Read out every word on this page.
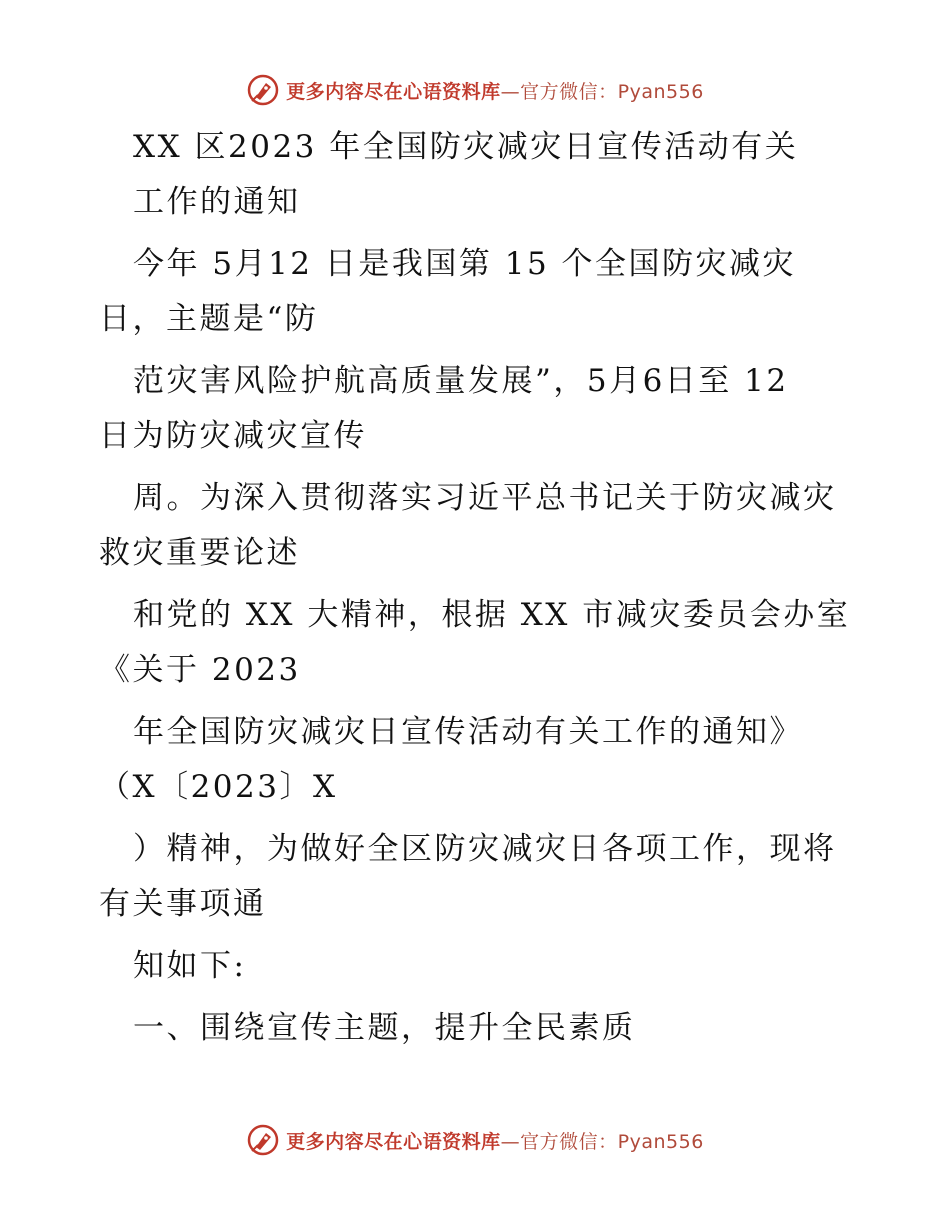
更多内容尽在心语资料库—官方微信：Pyan556
XX 区2023 年全国防灾减灾日宣传活动有关
工作的通知
今年 5月12 日是我国第 15 个全国防灾减灾
日，主题是“防
范灾害风险护航高质量发展”，5月6日至 12
日为防灾减灾宣传
周。为深入贯彻落实习近平总书记关于防灾减灾
救灾重要论述
和党的 XX 大精神，根据 XX 市减灾委员会办室
《关于 2023
年全国防灾减灾日宣传活动有关工作的通知》
（X〔2023〕X
）精神，为做好全区防灾减灾日各项工作，现将
有关事项通
知如下:
一、围绕宣传主题，提升全民素质
更多内容尽在心语资料库—官方微信：Pyan556
